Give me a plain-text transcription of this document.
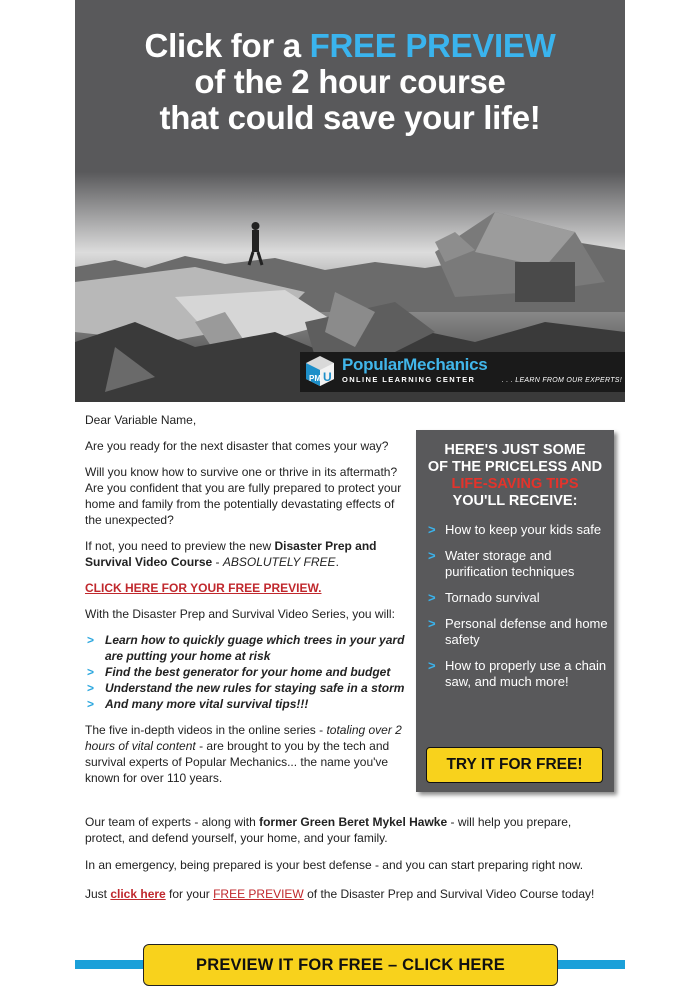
Click for a FREE PREVIEW
of the 2 hour course
that could save your life!
PM U
PopularMechanics
ONLINE LEARNING CENTER	. . . LEARN FROM OUR EXPERTS!

Dear Variable Name,

Are you ready for the next disaster that comes your way?

Will you know how to survive one or thrive in its aftermath? Are you confident that you are fully prepared to protect your home and family from the potentially devastating effects of the unexpected?

If not, you need to preview the new Disaster Prep and Survival Video Course - ABSOLUTELY FREE.

CLICK HERE FOR YOUR FREE PREVIEW.

With the Disaster Prep and Survival Video Series, you will:

> Learn how to quickly guage which trees in your yard are putting your home at risk
> Find the best generator for your home and budget
> Understand the new rules for staying safe in a storm
> And many more vital survival tips!!!

The five in-depth videos in the online series - totaling over 2 hours of vital content - are brought to you by the tech and survival experts of Popular Mechanics... the name you've known for over 110 years.

Our team of experts - along with former Green Beret Mykel Hawke - will help you prepare, protect, and defend yourself, your home, and your family.
In an emergency, being prepared is your best defense - and you can start preparing right now.
Just click here for your FREE PREVIEW of the Disaster Prep and Survival Video Course today!
HERE'S JUST SOME
OF THE PRICELESS AND
LIFE-SAVING TIPS
YOU'LL RECEIVE:
> How to keep your kids safe
> Water storage and purification techniques
> Tornado survival
> Personal defense and home safety
> How to properly use a chain saw, and much more!
TRY IT FOR FREE!
PREVIEW IT FOR FREE – CLICK HERE
